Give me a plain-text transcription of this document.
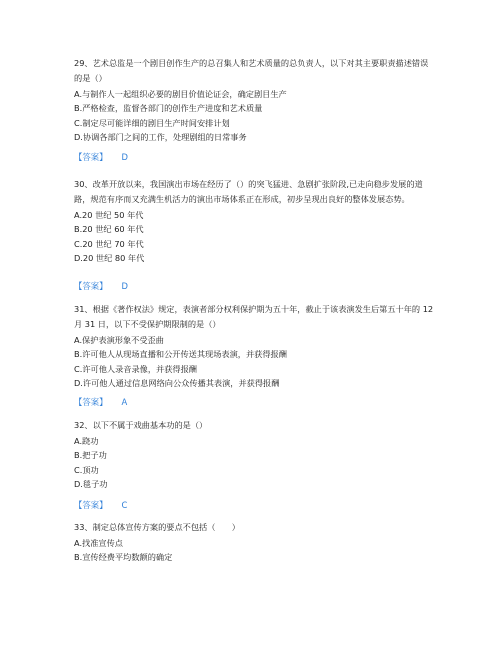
29、艺术总监是一个剧目创作生产的总召集人和艺术质量的总负责人，以下对其主要职责描述错误的是（）

A.与制作人一起组织必要的剧目价值论证会，确定剧目生产

B.严格检查，监督各部门的创作生产进度和艺术质量

C.制定尽可能详细的剧目生产时间安排计划

D.协调各部门之间的工作，处理剧组的日常事务

【答案】 D

30、改革开放以来，我国演出市场在经历了（）的突飞猛进、急剧扩张阶段,已走向稳步发展的道路，规范有序而又充满生机活力的演出市场体系正在形成，初步呈现出良好的整体发展态势。

A.20 世纪 50 年代

B.20 世纪 60 年代

C.20 世纪 70 年代

D.20 世纪 80 年代

【答案】 D

31、根据《著作权法》规定，表演者部分权利保护期为五十年，截止于该表演发生后第五十年的 12 月 31 日，以下不受保护期限制的是（）

A.保护表演形象不受歪曲

B.许可他人从现场直播和公开传送其现场表演，并获得报酬

C.许可他人录音录像，并获得报酬

D.许可他人通过信息网络向公众传播其表演，并获得报酬

【答案】 A

32、以下不属于戏曲基本功的是（）

A.跷功

B.把子功

C.顶功

D.毯子功

【答案】 C

33、制定总体宣传方案的要点不包括（　　）

A.找准宣传点

B.宣传经费平均数额的确定
